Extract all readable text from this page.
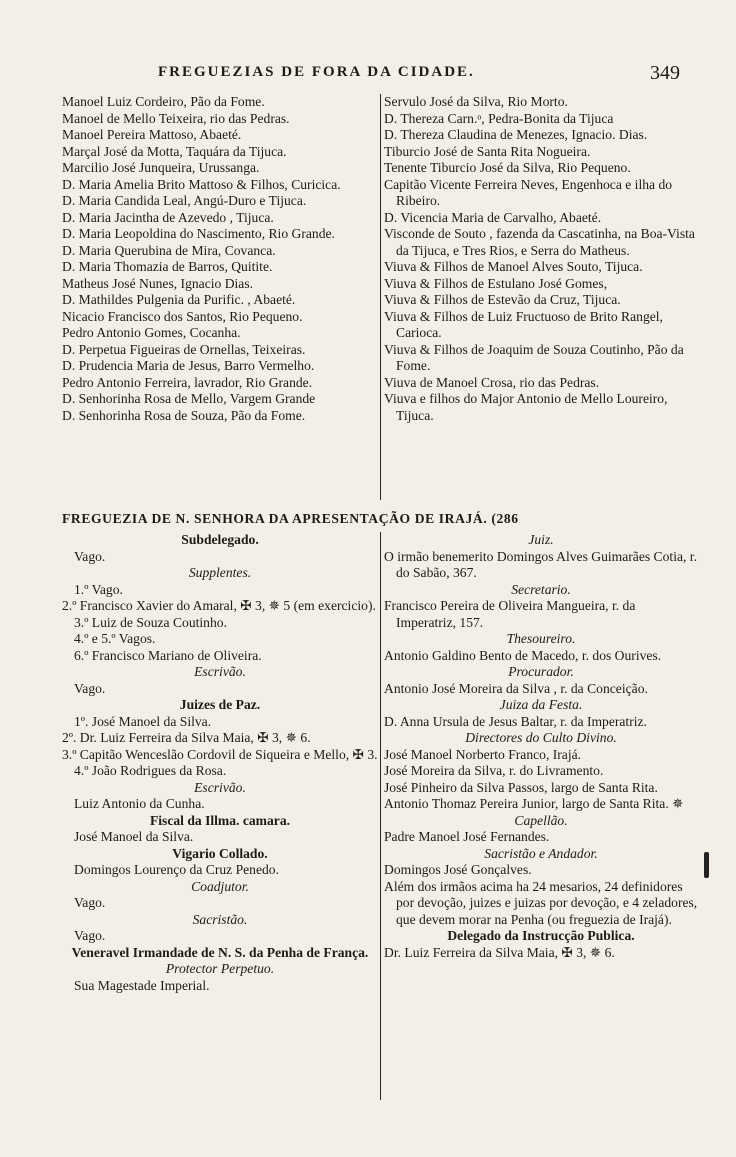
FREGUEZIAS DE FORA DA CIDADE.	349
Manoel Luiz Cordeiro, Pão da Fome.
Manoel de Mello Teixeira, rio das Pedras.
Manoel Pereira Mattoso, Abaeté.
Marçal José da Motta, Taquára da Tijuca.
Marcilio José Junqueira, Urussanga.
D. Maria Amelia Brito Mattoso & Filhos, Curicica.
D. Maria Candida Leal, Angú-Duro e Tijuca.
D. Maria Jacintha de Azevedo , Tijuca.
D. Maria Leopoldina do Nascimento, Rio Grande.
D. Maria Querubina de Mira, Covanca.
D. Maria Thomazia de Barros, Quitite.
Matheus José Nunes, Ignacio Dias.
D. Mathildes Pulgenia da Purific. , Abaeté.
Nicacio Francisco dos Santos, Rio Pequeno.
Pedro Antonio Gomes, Cocanha.
D. Perpetua Figueiras de Ornellas, Teixeiras.
D. Prudencia Maria de Jesus, Barro Vermelho.
Pedro Antonio Ferreira, lavrador, Rio Grande.
D. Senhorinha Rosa de Mello, Vargem Grande
D. Senhorinha Rosa de Souza, Pão da Fome.
Servulo José da Silva, Rio Morto.
D. Thereza Carn.ᵒ, Pedra-Bonita da Tijuca
D. Thereza Claudina de Menezes, Ignacio. Dias.
Tiburcio José de Santa Rita Nogueira.
Tenente Tiburcio José da Silva, Rio Pequeno.
Capitão Vicente Ferreira Neves, Engenhoca e ilha do Ribeiro.
D. Vicencia Maria de Carvalho, Abaeté.
Visconde de Souto , fazenda da Cascatinha, na Boa-Vista da Tijuca, e Tres Rios, e Serra do Matheus.
Viuva & Filhos de Manoel Alves Souto, Tijuca.
Viuva & Filhos de Estulano José Gomes,
Viuva & Filhos de Estevão da Cruz, Tijuca.
Viuva & Filhos de Luiz Fructuoso de Brito Rangel, Carioca.
Viuva & Filhos de Joaquim de Souza Coutinho, Pão da Fome.
Viuva de Manoel Crosa, rio das Pedras.
Viuva e filhos do Major Antonio de Mello Loureiro, Tijuca.
FREGUEZIA DE N. SENHORA DA APRESENTAÇÃO DE IRAJÁ. (286
Subdelegado.
Vago.
Supplentes.
1.º Vago.
2.º Francisco Xavier do Amaral, ✠ 3, ✵ 5 (em exercicio).
3.º Luiz de Souza Coutinho.
4.º e 5.º Vagos.
6.º Francisco Mariano de Oliveira.
Escrivão.
Vago.
Juizes de Paz.
1º. José Manoel da Silva.
2º. Dr. Luiz Ferreira da Silva Maia, ✠ 3, ✵ 6.
3.º Capitão Wenceslão Cordovil de Siqueira e Mello, ✠ 3.
4.º João Rodrigues da Rosa.
Escrivão.
Luiz Antonio da Cunha.
Fiscal da Illma. camara.
José Manoel da Silva.
Vigario Collado.
Domingos Lourenço da Cruz Penedo.
Coadjutor.
Vago.
Sacristão.
Vago.
Veneravel Irmandade de N. S. da Penha de França.
Protector Perpetuo.
Sua Magestade Imperial.
Juiz.
O irmão benemerito Domingos Alves Guimarães Cotia, r. do Sabão, 367.
Secretario.
Francisco Pereira de Oliveira Mangueira, r. da Imperatriz, 157.
Thesoureiro.
Antonio Galdino Bento de Macedo, r. dos Ourives.
Procurador.
Antonio José Moreira da Silva , r. da Conceição.
Juiza da Festa.
D. Anna Ursula de Jesus Baltar, r. da Imperatriz.
Directores do Culto Divino.
José Manoel Norberto Franco, Irajá.
José Moreira da Silva, r. do Livramento.
José Pinheiro da Silva Passos, largo de Santa Rita.
Antonio Thomaz Pereira Junior, largo de Santa Rita. ✵
Capellão.
Padre Manoel José Fernandes.
Sacristão e Andador.
Domingos José Gonçalves.
Além dos irmãos acima ha 24 mesarios, 24 definidores por devoção, juizes e juizas por devoção, e 4 zeladores, que devem morar na Penha (ou freguezia de Irajá).
Delegado da Instrucção Publica.
Dr. Luiz Ferreira da Silva Maia, ✠ 3, ✵ 6.
